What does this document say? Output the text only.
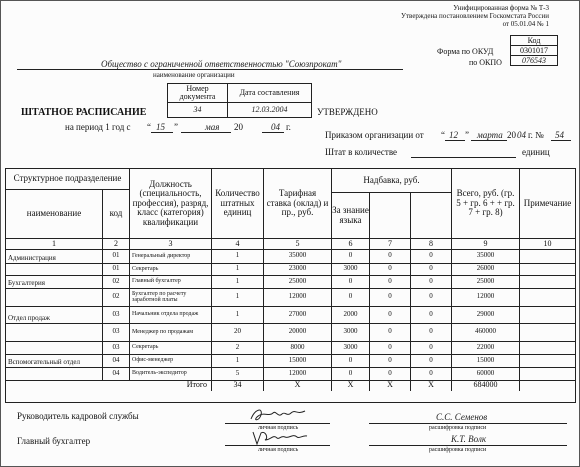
Унифицированная форма № Т-3
Утверждена постановлением Госкомстата России
от 05.01.04 № 1
Форма по ОКУД
по ОКПО
Код
0301017
076543
Общество с ограниченной ответственностью "Союзпрокат"
наименование организации
Номер документа	Дата составления
34	12.03.2004
ШТАТНОЕ РАСПИСАНИЕ
на период 1 год с “ 15 ”	мая 20	04 г.
УТВЕРЖДЕНО
Приказом организации от “ 12 ” марта 20 04 г. № 54
Штат в количестве	единиц
Структурное подразделение
наименование	код
Должность (специальность, профессия), разряд, класс (категория) квалификации
Количество штатных единиц
Тарифная ставка (оклад) и пр., руб.
Надбавка, руб.
За знание языка
Всего, руб. (гр. 5 + гр. 6 + + гр. 7 + гр. 8)
Примечание
1	2	3	4	5	6	7	8	9	10
Администрация	01	Генеральный директор	1	35000	0	0	0	35000
01	Секретарь	1	23000	3000	0	0	26000
Бухгалтерия	02	Главный бухгалтер	1	25000	0	0	0	25000
02	Бухгалтер по расчету заработной платы	1	12000	0	0	0	12000
Отдел продаж	03	Начальник отдела продаж	1	27000	2000	0	0	29000
03	Менеджер по продажам	20	20000	3000	0	0	460000
03	Секретарь	2	8000	3000	0	0	22000
Вспомогательный отдел	04	Офис-менеджер	1	15000	0	0	0	15000
04	Водитель-экспедитор	5	12000	0	0	0	60000
Итого	34	Х	Х	Х	Х	684000
Руководитель кадровой службы
личная подпись
С.С. Семенов
расшифровка подписи
Главный бухгалтер
личная подпись
К.Т. Волк
расшифровка подписи
